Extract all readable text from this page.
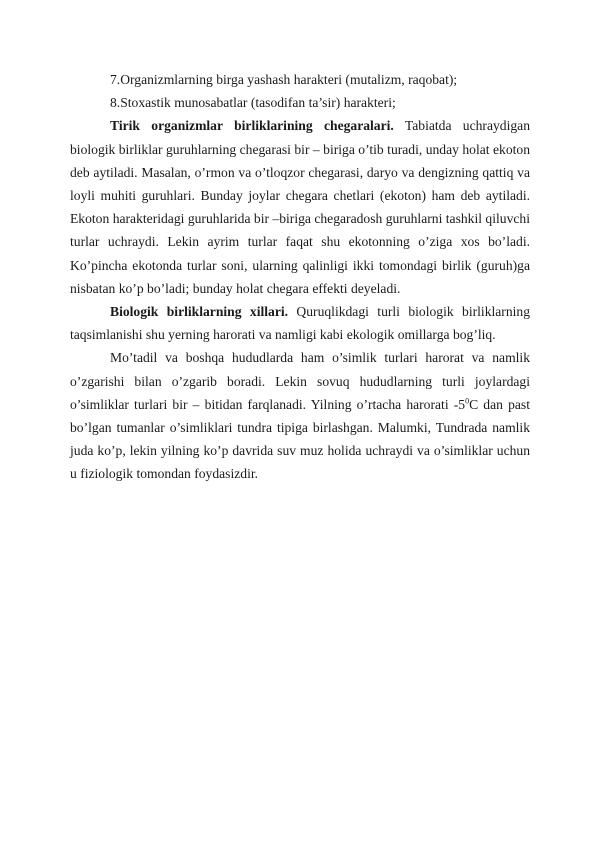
7.Organizmlarning birga yashash harakteri (mutalizm, raqobat);

8.Stoxastik munosabatlar (tasodifan ta’sir) harakteri;

Tirik organizmlar birliklarining chegaralari. Tabiatda uchraydigan biologik birliklar guruhlarning chegarasi bir – biriga o’tib turadi, unday holat ekoton deb aytiladi. Masalan, o’rmon va o’tloqzor chegarasi, daryo va dengizning qattiq va loyli muhiti guruhlari. Bunday joylar chegara chetlari (ekoton) ham deb aytiladi. Ekoton harakteridagi guruhlarida bir –biriga chegaradosh guruhlarni tashkil qiluvchi turlar uchraydi. Lekin ayrim turlar faqat shu ekotonning o’ziga xos bo’ladi. Ko’pincha ekotonda turlar soni, ularning qalinligi ikki tomondagi birlik (guruh)ga nisbatan ko’p bo’ladi; bunday holat chegara effekti deyeladi.

Biologik birliklarning xillari. Quruqlikdagi turli biologik birliklarning taqsimlanishi shu yerning harorati va namligi kabi ekologik omillarga bog’liq.

Mo’tadil va boshqa hududlarda ham o’simlik turlari harorat va namlik o’zgarishi bilan o’zgarib boradi. Lekin sovuq hududlarning turli joylardagi o’simliklar turlari bir – bitidan farqlanadi. Yilning o’rtacha harorati $-5^0C$ dan past bo’lgan tumanlar o’simliklari tundra tipiga birlashgan. Malumki, Tundrada namlik juda ko’p, lekin yilning ko’p davrida suv muz holida uchraydi va o’simliklar uchun u fiziologik tomondan foydasizdir.
